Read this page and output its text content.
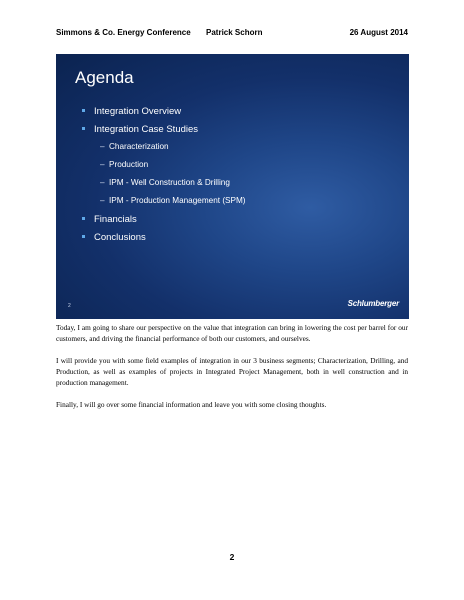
Simmons & Co. Energy Conference Patrick Schorn	26 August 2014
Agenda
Integration Overview
Integration Case Studies
– Characterization
– Production
– IPM - Well Construction & Drilling
– IPM - Production Management (SPM)
Financials
Conclusions
2	Schlumberger

Today, I am going to share our perspective on the value that integration can bring in lowering the cost per barrel for our customers, and driving the financial performance of both our customers, and ourselves.

I will provide you with some field examples of integration in our 3 business segments; Characterization, Drilling, and Production, as well as examples of projects in Integrated Project Management, both in well construction and in production management.

Finally, I will go over some financial information and leave you with some closing thoughts.

2
